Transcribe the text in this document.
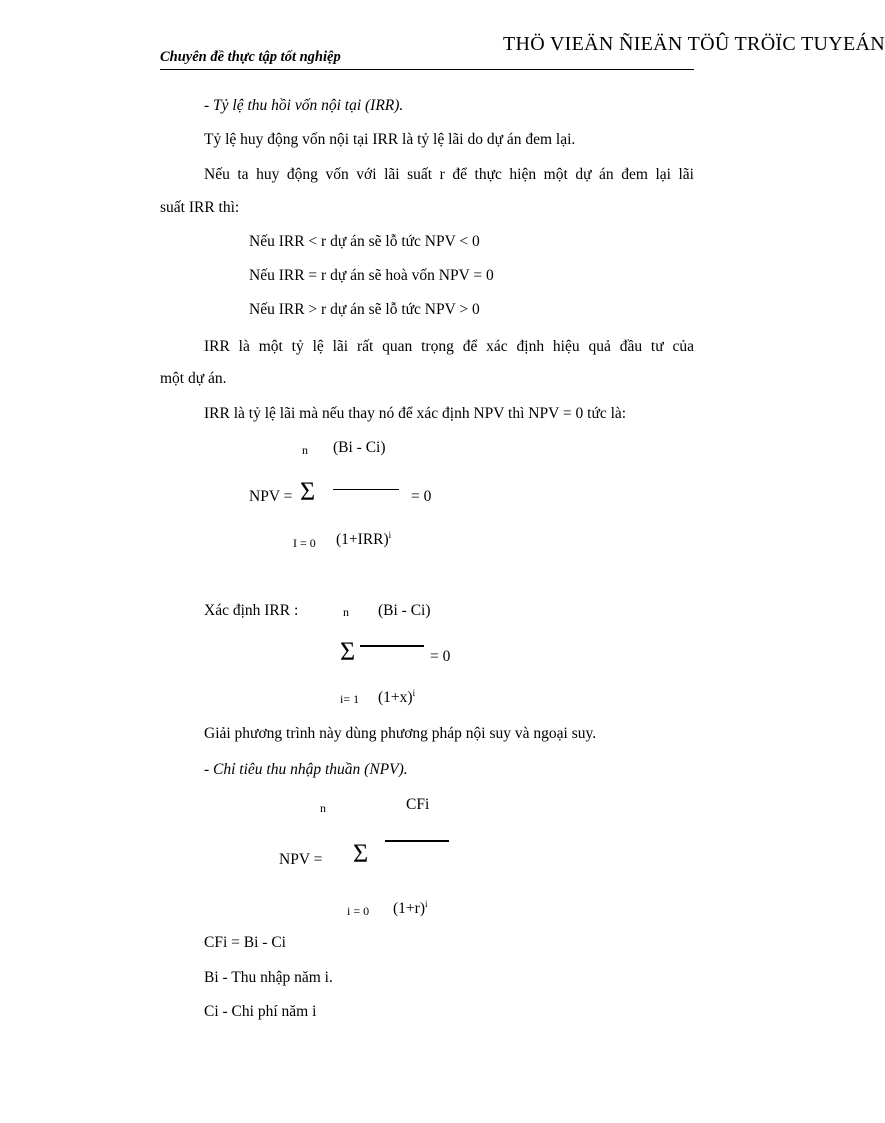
Chuyên đề thực tập tốt nghiệp
THÖ VIEÄN ÑIEÄN TÖÛ TRÖÏC TUYEÁN
- Tỷ lệ thu hồi vốn nội tại (IRR).
Tỷ lệ huy động vốn nội tại IRR là tỷ lệ lãi do dự án đem lại.
Nếu ta huy động vốn với lãi suất r để thực hiện một dự án đem lại lãi
suất IRR thì:
Nếu IRR < r dự án sẽ lỗ tức NPV < 0
Nếu IRR = r dự án sẽ hoà vốn NPV = 0
Nếu IRR > r dự án sẽ lỗ tức NPV > 0
IRR là một tỷ lệ lãi rất quan trọng để xác định hiệu quả đầu tư của
một dự án.
IRR là tỷ lệ lãi mà nếu thay nó để xác định NPV thì NPV = 0 tức là:
n (Bi - Ci)
NPV = Σ	= 0
I = 0 $(1+IRR)^i$
Xác định IRR :	n (Bi - Ci)
Σ	= 0
i= 1 $(1+x)^i$
Giải phương trình này dùng phương pháp nội suy và ngoại suy.
- Chỉ tiêu thu nhập thuần (NPV).
n	CFi
NPV = Σ
i = 0 $(1+r)^i$
CFi = Bi - Ci
Bi - Thu nhập năm i.
Ci - Chi phí năm i
